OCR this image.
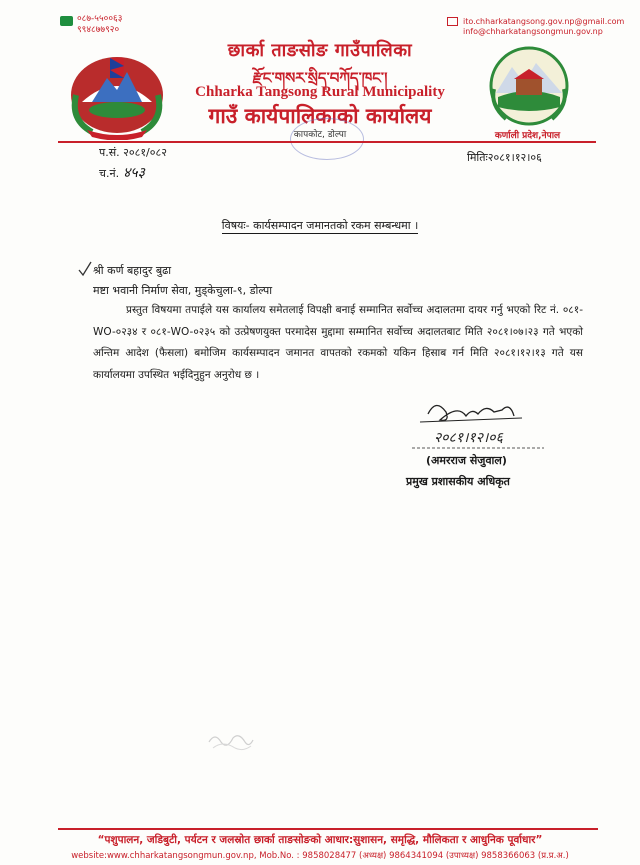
०८७-५५००६३
९९४८७७९२०
ito.chharkatangsong.gov.np@gmail.com
info@chharkatangsongmun.gov.np
छार्का ताङसोङ गाउँपालिका
རྫོང་གསར་སྲིད་བཀོད་ཁང་།
Chharka Tangsong Rural Municipality
गाउँ कार्यपालिकाको कार्यालय
कापकोट, डोल्पा	कर्णाली प्रदेश,नेपाल
प.सं. २०८१/०८२
च.नं. ४५३
मितिः२०८१।१२।०६
विषयः- कार्यसम्पादन जमानतको रकम सम्बन्धमा ।
श्री कर्ण बहादुर बुढा
मष्टा भवानी निर्माण सेवा, मुड्केचुला-९, डोल्पा
प्रस्तुत विषयमा तपाईले यस कार्यालय समेतलाई विपक्षी बनाई सम्मानित सर्वोच्च अदालतमा दायर गर्नु भएको रिट नं. ०८१-WO-०२३४ र ०८१-WO-०२३५ को उत्प्रेषणयुक्त परमादेस मुद्दामा सम्मानित सर्वोच्च अदालतबाट मिति २०८१।०७।२३ गते भएको अन्तिम आदेश (फैसला) बमोजिम कार्यसम्पादन जमानत वापतको रकमको यकिन हिसाब गर्न मिति २०८१।१२।१३ गते यस कार्यालयमा उपस्थित भईदिनुहुन अनुरोध छ ।
२०८१।१२।०६
(अमरराज सेजुवाल)
प्रमुख प्रशासकीय अधिकृत
“पशुपालन, जडिबुटी, पर्यटन र जलस्रोत छार्का ताङसोङको आधार:सुशासन, समृद्धि, मौलिकता र आधुनिक पूर्वाधार”
website:www.chharkatangsongmun.gov.np, Mob.No. : 9858028477 (अध्यक्ष) 9864341094 (उपाध्यक्ष) 9858366063 (प्र.प्र.अ.)
